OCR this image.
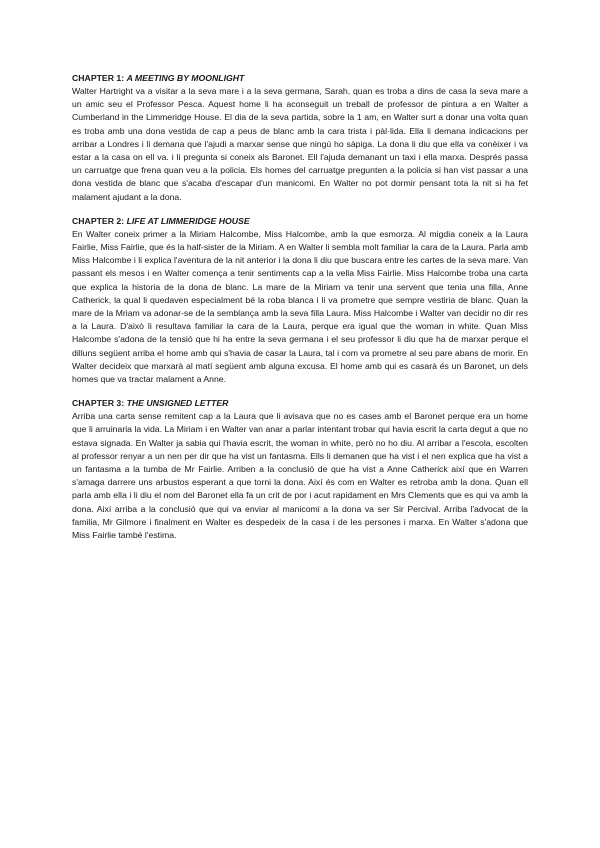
CHAPTER 1: A MEETING BY MOONLIGHT

Walter Hartright va a visitar a la seva mare i a la seva germana, Sarah, quan es troba a dins de casa la seva mare a un amic seu el Professor Pesca. Aquest home li ha aconseguit un treball de professor de pintura a en Walter a Cumberland in the Limmeridge House. El dia de la seva partida, sobre la 1 am, en Walter surt a donar una volta quan es troba amb una dona vestida de cap a peus de blanc amb la cara trista i pàl·lida. Ella li demana indicacions per arribar a Londres i li demana que l'ajudi a marxar sense que ningú ho sàpiga. La dona li diu que ella va conèixer i va estar a la casa on ell va. i li pregunta si coneix als Baronet. Ell l'ajuda demanant un taxi i ella marxa. Després passa un carruatge que frena quan veu a la policia. Els homes del carruatge pregunten a la policia si han vist passar a una dona vestida de blanc que s'acaba d'escapar d'un manicomi. En Walter no pot dormir pensant tota la nit si ha fet malament ajudant a la dona.

CHAPTER 2: LIFE AT LIMMERIDGE HOUSE

En Walter coneix primer a la Miriam Halcombe, Miss Halcombe, amb la que esmorza. Al migdia coneix a la Laura Fairlie, Miss Fairlie, que és la half-sister de la Miriam. A en Walter li sembla molt familiar la cara de la Laura. Parla amb Miss Halcombe i li explica l'aventura de la nit anterior i la dona li diu que buscara entre les cartes de la seva mare. Van passant els mesos i en Walter comença a tenir sentiments cap a la vella Miss Fairlie. Miss Halcombe troba una carta que explica la historia de la dona de blanc. La mare de la Miriam va tenir una servent que tenia una filla, Anne Catherick, la qual li quedaven especialment bé la roba blanca i li va prometre que sempre vestiria de blanc. Quan la mare de la Mriam va adonar-se de la semblança amb la seva filla Laura. Miss Halcombe i Walter van decidir no dir res a la Laura. D'això li resultava familiar la cara de la Laura, perque era igual que the woman in white. Quan Miss Halcombe s'adona de la tensió que hi ha entre la seva germana i el seu professor li diu que ha de marxar perque el dilluns següent arriba el home amb qui s'havia de casar la Laura, tal i com va prometre al seu pare abans de morir. En Walter decideix que marxarà al matí següent amb alguna excusa. El home amb qui es casarà és un Baronet, un dels homes que va tractar malament a Anne.

CHAPTER 3: THE UNSIGNED LETTER

Arriba una carta sense remitent cap a la Laura que li avisava que no es cases amb el Baronet perque era un home que li arruinaria la vida. La Miriam i en Walter van anar a parlar intentant trobar qui havia escrit la carta degut a que no estava signada. En Walter ja sabia qui l'havia escrit, the woman in white, però no ho diu. Al arribar a l'escola, escolten al professor renyar a un nen per dir que ha vist un fantasma. Ells li demanen que ha vist i el nen explica que ha vist a un fantasma a la tumba de Mr Fairlie. Arriben a la conclusió de que ha vist a Anne Catherick així que en Warren s'amaga darrere uns arbustos esperant a que torni la dona. Així és com en Walter es retroba amb la dona. Quan ell parla amb ella i li diu el nom del Baronet ella fa un crit de por i acut rapidament en Mrs Clements que es qui va amb la dona. Així arriba a la conclusió que qui va enviar al manicomi a la dona va ser Sir Percival. Arriba l'advocat de la familia, Mr Gilmore i finalment en Walter es despedeix de la casa i de les persones i marxa. En Walter s'adona que Miss Fairlie també l'estima.
